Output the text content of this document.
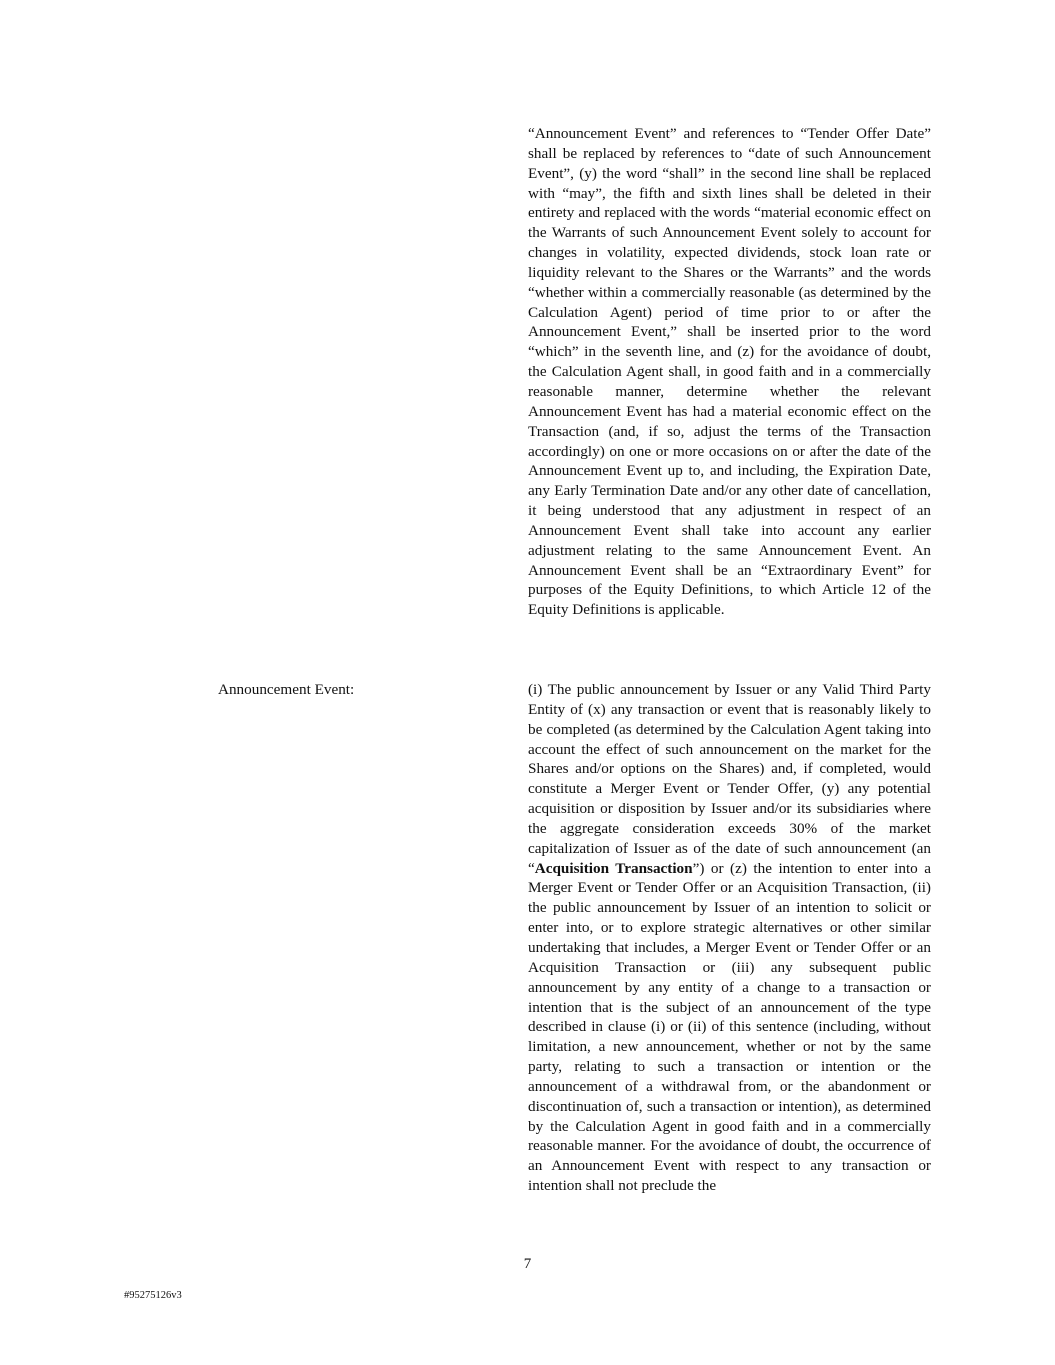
“Announcement Event” and references to “Tender Offer Date” shall be replaced by references to “date of such Announcement Event”, (y) the word “shall” in the second line shall be replaced with “may”, the fifth and sixth lines shall be deleted in their entirety and replaced with the words “material economic effect on the Warrants of such Announcement Event solely to account for changes in volatility, expected dividends, stock loan rate or liquidity relevant to the Shares or the Warrants” and the words “whether within a commercially reasonable (as determined by the Calculation Agent) period of time prior to or after the Announcement Event,” shall be inserted prior to the word “which” in the seventh line, and (z) for the avoidance of doubt, the Calculation Agent shall, in good faith and in a commercially reasonable manner, determine whether the relevant Announcement Event has had a material economic effect on the Transaction (and, if so, adjust the terms of the Transaction accordingly) on one or more occasions on or after the date of the Announcement Event up to, and including, the Expiration Date, any Early Termination Date and/or any other date of cancellation, it being understood that any adjustment in respect of an Announcement Event shall take into account any earlier adjustment relating to the same Announcement Event. An Announcement Event shall be an “Extraordinary Event” for purposes of the Equity Definitions, to which Article 12 of the Equity Definitions is applicable.
Announcement Event:	(i) The public announcement by Issuer or any Valid Third Party Entity of (x) any transaction or event that is reasonably likely to be completed (as determined by the Calculation Agent taking into account the effect of such announcement on the market for the Shares and/or options on the Shares) and, if completed, would constitute a Merger Event or Tender Offer, (y) any potential acquisition or disposition by Issuer and/or its subsidiaries where the aggregate consideration exceeds 30% of the market capitalization of Issuer as of the date of such announcement (an “Acquisition Transaction”) or (z) the intention to enter into a Merger Event or Tender Offer or an Acquisition Transaction, (ii) the public announcement by Issuer of an intention to solicit or enter into, or to explore strategic alternatives or other similar undertaking that includes, a Merger Event or Tender Offer or an Acquisition Transaction or (iii) any subsequent public announcement by any entity of a change to a transaction or intention that is the subject of an announcement of the type described in clause (i) or (ii) of this sentence (including, without limitation, a new announcement, whether or not by the same party, relating to such a transaction or intention or the announcement of a withdrawal from, or the abandonment or discontinuation of, such a transaction or intention), as determined by the Calculation Agent in good faith and in a commercially reasonable manner. For the avoidance of doubt, the occurrence of an Announcement Event with respect to any transaction or intention shall not preclude the
7
#95275126v3
